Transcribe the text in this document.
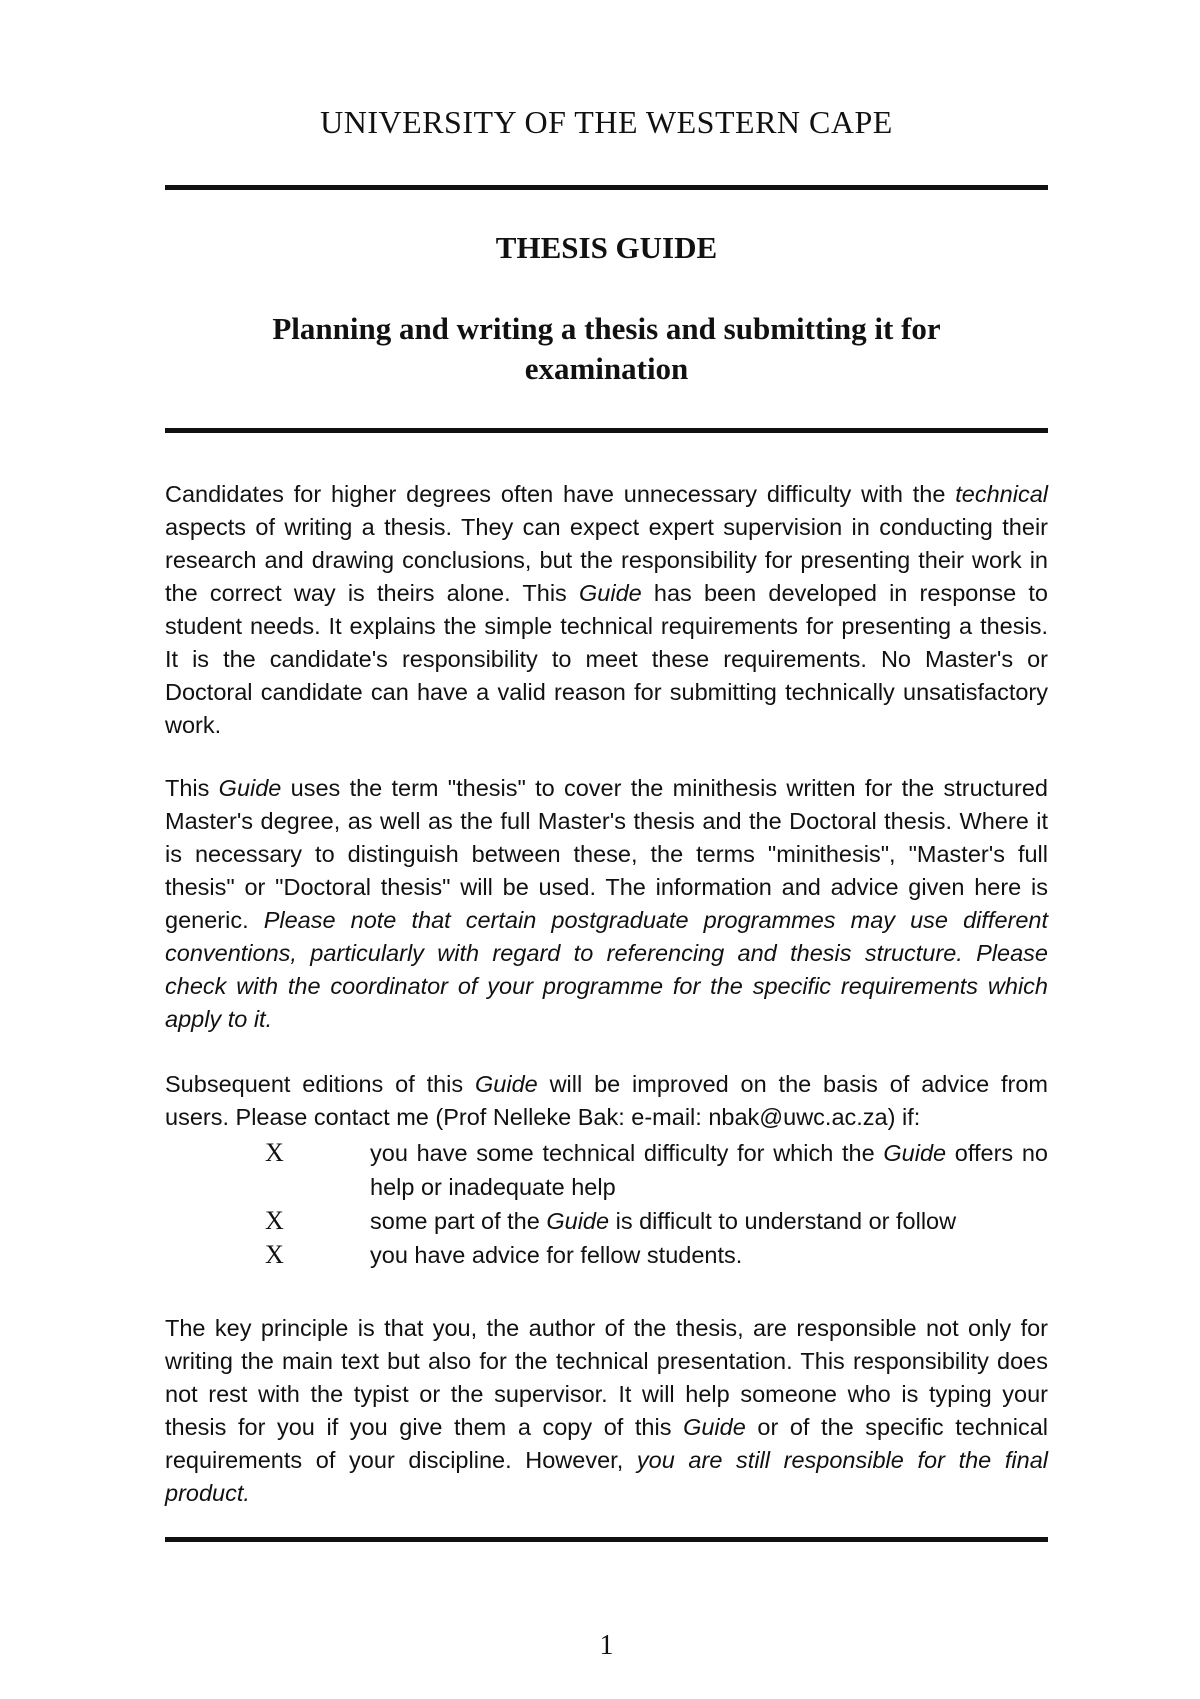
UNIVERSITY OF THE WESTERN CAPE
THESIS GUIDE
Planning and writing a thesis and submitting it for examination

Candidates for higher degrees often have unnecessary difficulty with the technical aspects of writing a thesis. They can expect expert supervision in conducting their research and drawing conclusions, but the responsibility for presenting their work in the correct way is theirs alone. This Guide has been developed in response to student needs. It explains the simple technical requirements for presenting a thesis. It is the candidate's responsibility to meet these requirements. No Master's or Doctoral candidate can have a valid reason for submitting technically unsatisfactory work.

This Guide uses the term "thesis" to cover the minithesis written for the structured Master's degree, as well as the full Master's thesis and the Doctoral thesis. Where it is necessary to distinguish between these, the terms "minithesis", "Master's full thesis" or "Doctoral thesis" will be used. The information and advice given here is generic. Please note that certain postgraduate programmes may use different conventions, particularly with regard to referencing and thesis structure. Please check with the coordinator of your programme for the specific requirements which apply to it.

Subsequent editions of this Guide will be improved on the basis of advice from users. Please contact me (Prof Nelleke Bak: e-mail: nbak@uwc.ac.za) if:

X	you have some technical difficulty for which the Guide offers no help or inadequate help
X	some part of the Guide is difficult to understand or follow
X	you have advice for fellow students.

The key principle is that you, the author of the thesis, are responsible not only for writing the main text but also for the technical presentation. This responsibility does not rest with the typist or the supervisor. It will help someone who is typing your thesis for you if you give them a copy of this Guide or of the specific technical requirements of your discipline. However, you are still responsible for the final product.

1
